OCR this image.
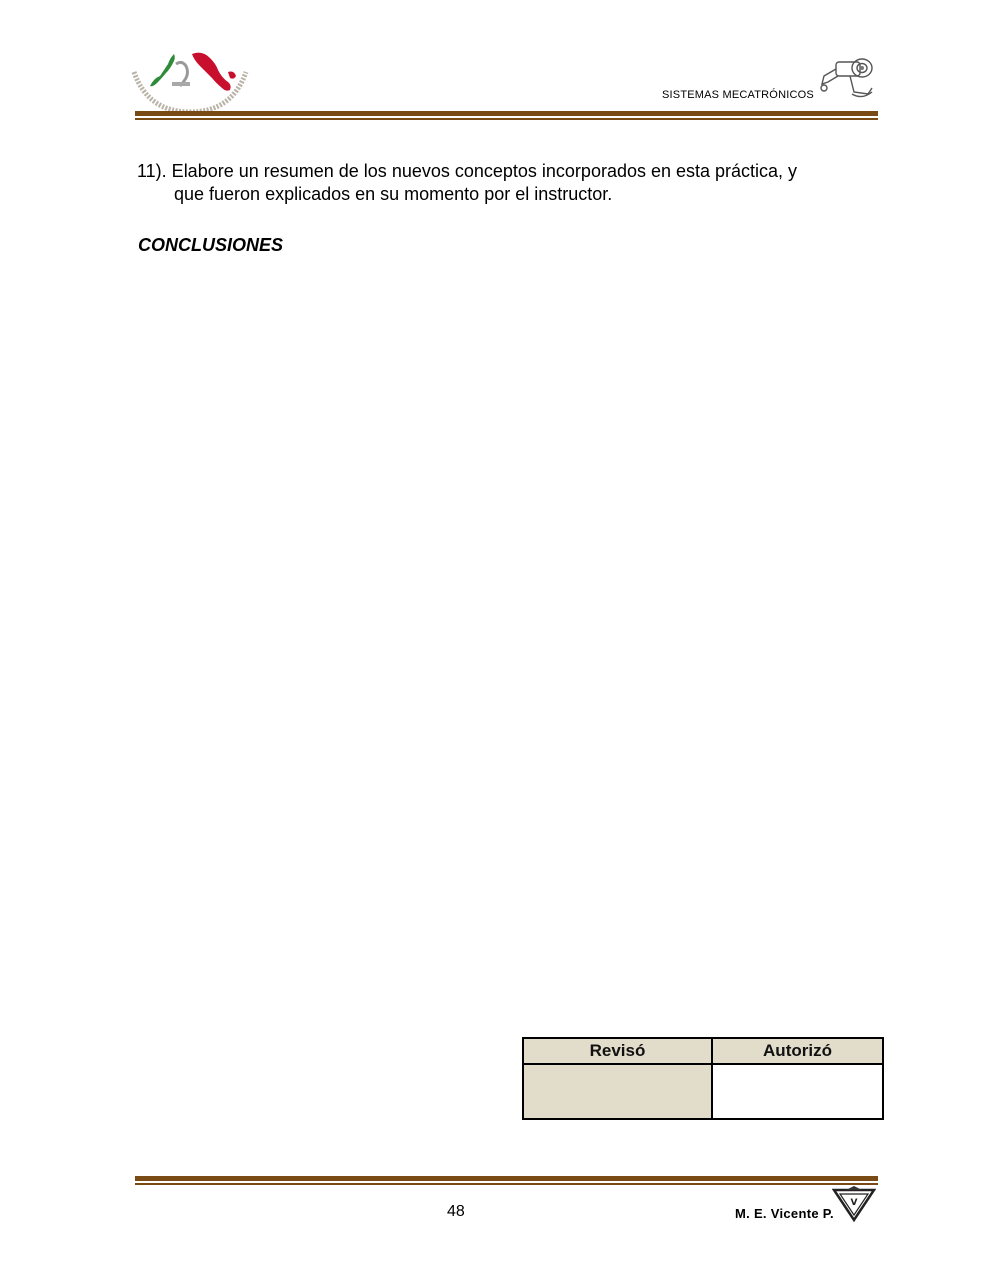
SISTEMAS MECATRÓNICOS
11). Elabore un resumen de los nuevos conceptos incorporados en esta práctica, y
que fueron explicados en su momento por el instructor.
CONCLUSIONES
Revisó	Autorizó
48	M. E. Vicente P.
V
